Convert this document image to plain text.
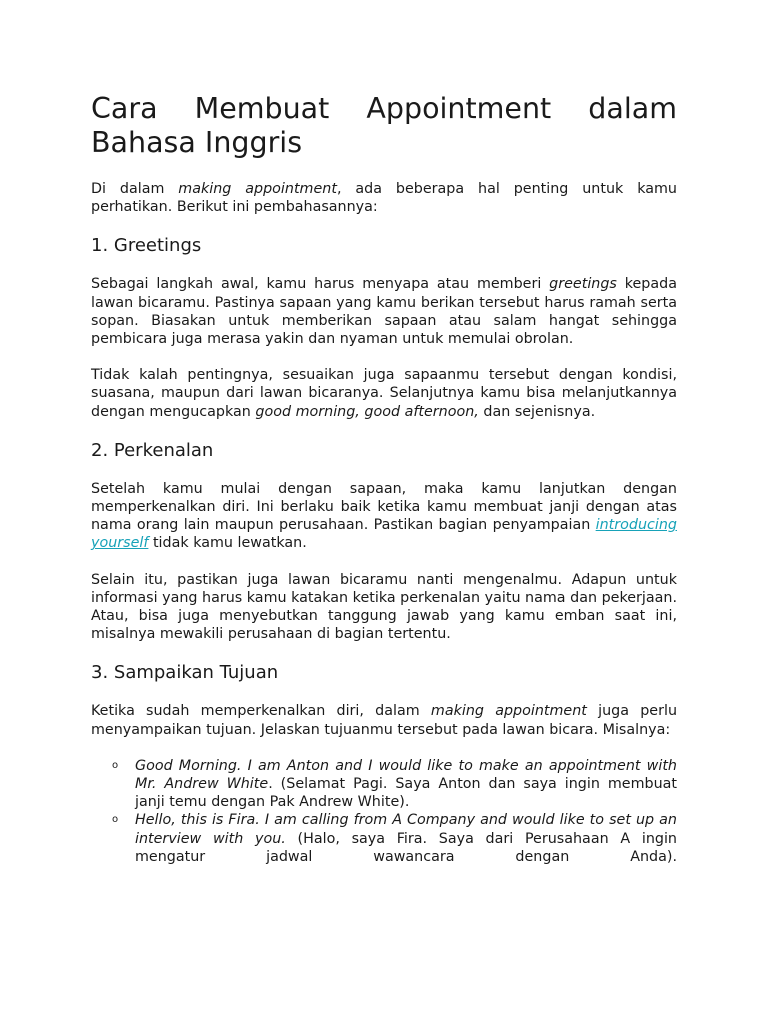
Cara Membuat Appointment dalam Bahasa Inggris

Di dalam making appointment, ada beberapa hal penting untuk kamu perhatikan. Berikut ini pembahasannya:

1. Greetings

Sebagai langkah awal, kamu harus menyapa atau memberi greetings kepada lawan bicaramu. Pastinya sapaan yang kamu berikan tersebut harus ramah serta sopan. Biasakan untuk memberikan sapaan atau salam hangat sehingga pembicara juga merasa yakin dan nyaman untuk memulai obrolan.

Tidak kalah pentingnya, sesuaikan juga sapaanmu tersebut dengan kondisi, suasana, maupun dari lawan bicaranya. Selanjutnya kamu bisa melanjutkannya dengan mengucapkan good morning, good afternoon, dan sejenisnya.

2. Perkenalan

Setelah kamu mulai dengan sapaan, maka kamu lanjutkan dengan memperkenalkan diri. Ini berlaku baik ketika kamu membuat janji dengan atas nama orang lain maupun perusahaan. Pastikan bagian penyampaian introducing yourself tidak kamu lewatkan.

Selain itu, pastikan juga lawan bicaramu nanti mengenalmu. Adapun untuk informasi yang harus kamu katakan ketika perkenalan yaitu nama dan pekerjaan. Atau, bisa juga menyebutkan tanggung jawab yang kamu emban saat ini, misalnya mewakili perusahaan di bagian tertentu.

3. Sampaikan Tujuan

Ketika sudah memperkenalkan diri, dalam making appointment juga perlu menyampaikan tujuan. Jelaskan tujuanmu tersebut pada lawan bicara. Misalnya:

o Good Morning. I am Anton and I would like to make an appointment with Mr. Andrew White. (Selamat Pagi. Saya Anton dan saya ingin membuat janji temu dengan Pak Andrew White).
o Hello, this is Fira. I am calling from A Company and would like to set up an interview with you. (Halo, saya Fira. Saya dari Perusahaan A ingin mengatur jadwal wawancara dengan Anda).
